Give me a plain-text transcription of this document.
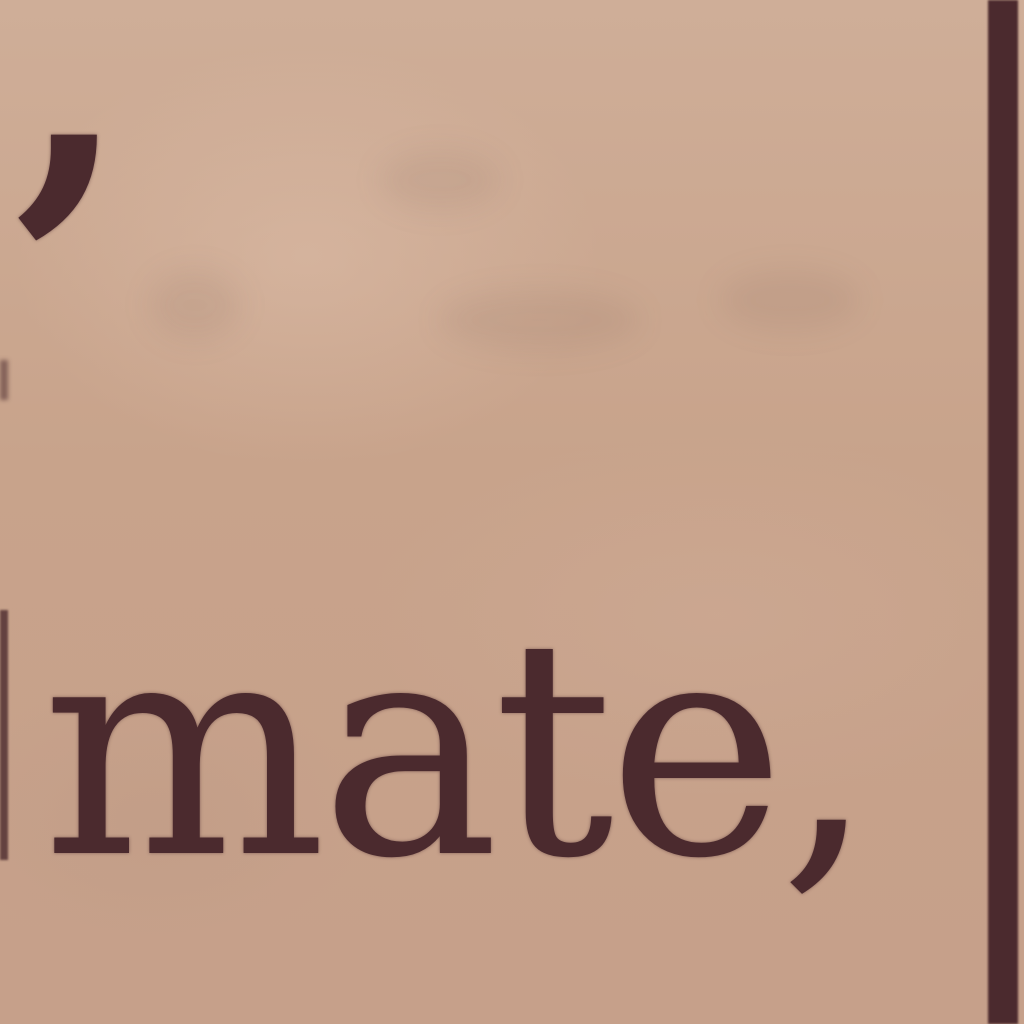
,
mate,
